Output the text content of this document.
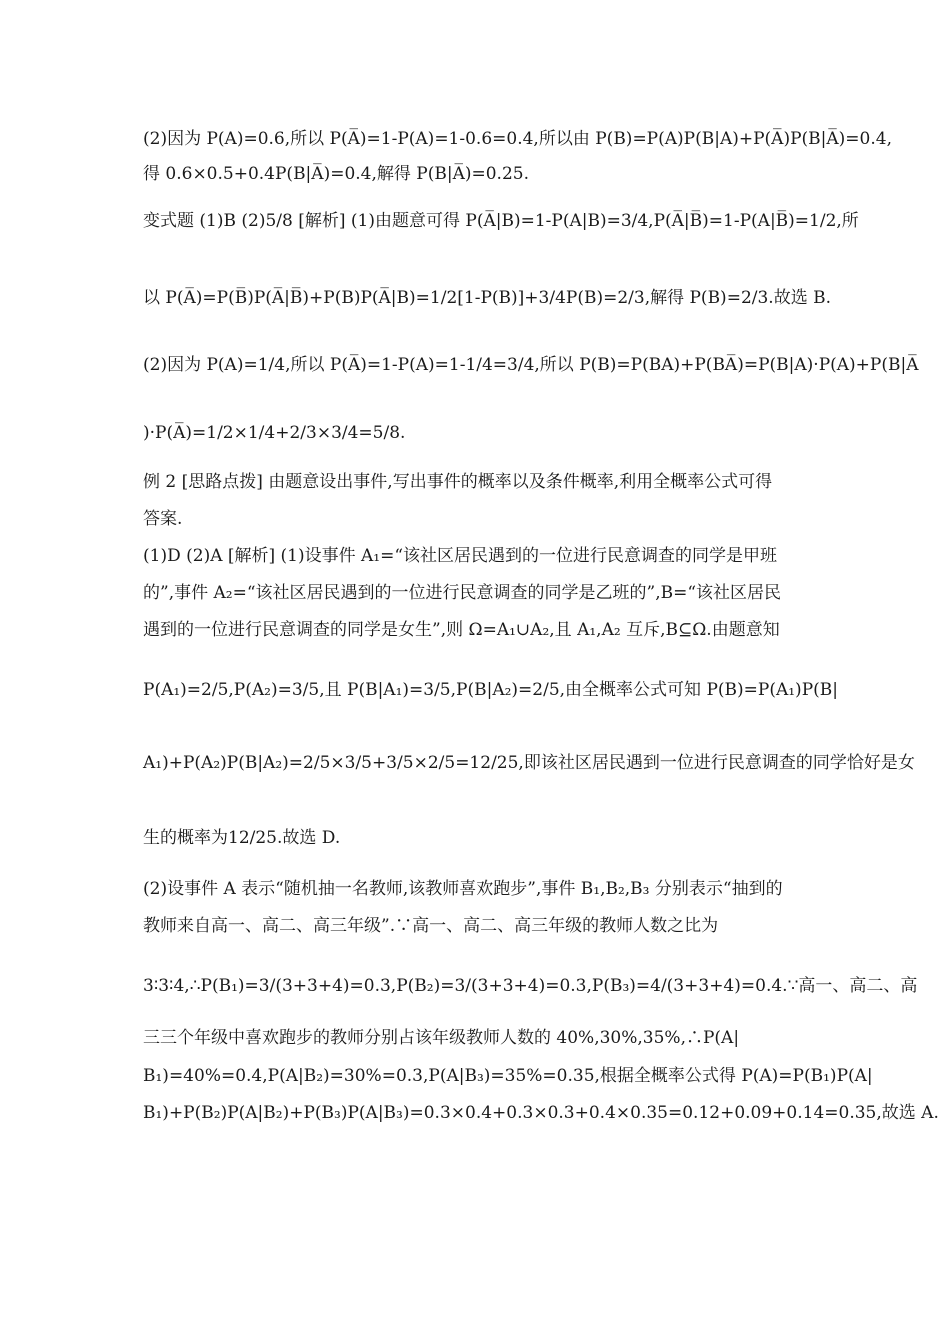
(2)因为 P(A)=0.6,所以 P(A̅)=1-P(A)=1-0.6=0.4,所以由 P(B)=P(A)P(B|A)+P(A̅)P(B|A̅)=0.4,
得 0.6×0.5+0.4P(B|A̅)=0.4,解得 P(B|A̅)=0.25.
变式题 (1)B (2)5/8 [解析] (1)由题意可得 P(A̅|B)=1-P(A|B)=3/4,P(A̅|B̅)=1-P(A|B̅)=1/2,所
以 P(A̅)=P(B̅)P(A̅|B̅)+P(B)P(A̅|B)=1/2[1-P(B)]+3/4P(B)=2/3,解得 P(B)=2/3.故选 B.
(2)因为 P(A)=1/4,所以 P(A̅)=1-P(A)=1-1/4=3/4,所以 P(B)=P(BA)+P(BA̅)=P(B|A)·P(A)+P(B|A̅
)·P(A̅)=1/2×1/4+2/3×3/4=5/8.
例 2 [思路点拨] 由题意设出事件,写出事件的概率以及条件概率,利用全概率公式可得
答案.
(1)D (2)A [解析] (1)设事件 A₁=“该社区居民遇到的一位进行民意调查的同学是甲班
的”,事件 A₂=“该社区居民遇到的一位进行民意调查的同学是乙班的”,B=“该社区居民
遇到的一位进行民意调查的同学是女生”,则 Ω=A₁∪A₂,且 A₁,A₂ 互斥,B⊆Ω.由题意知
P(A₁)=2/5,P(A₂)=3/5,且 P(B|A₁)=3/5,P(B|A₂)=2/5,由全概率公式可知 P(B)=P(A₁)P(B|
A₁)+P(A₂)P(B|A₂)=2/5×3/5+3/5×2/5=12/25,即该社区居民遇到一位进行民意调查的同学恰好是女
生的概率为12/25.故选 D.
(2)设事件 A 表示“随机抽一名教师,该教师喜欢跑步”,事件 B₁,B₂,B₃ 分别表示“抽到的
教师来自高一、高二、高三年级”.∵高一、高二、高三年级的教师人数之比为
3∶3∶4,∴P(B₁)=3/(3+3+4)=0.3,P(B₂)=3/(3+3+4)=0.3,P(B₃)=4/(3+3+4)=0.4.∵高一、高二、高
三三个年级中喜欢跑步的教师分别占该年级教师人数的 40%,30%,35%,∴P(A|
B₁)=40%=0.4,P(A|B₂)=30%=0.3,P(A|B₃)=35%=0.35,根据全概率公式得 P(A)=P(B₁)P(A|
B₁)+P(B₂)P(A|B₂)+P(B₃)P(A|B₃)=0.3×0.4+0.3×0.3+0.4×0.35=0.12+0.09+0.14=0.35,故选 A.
